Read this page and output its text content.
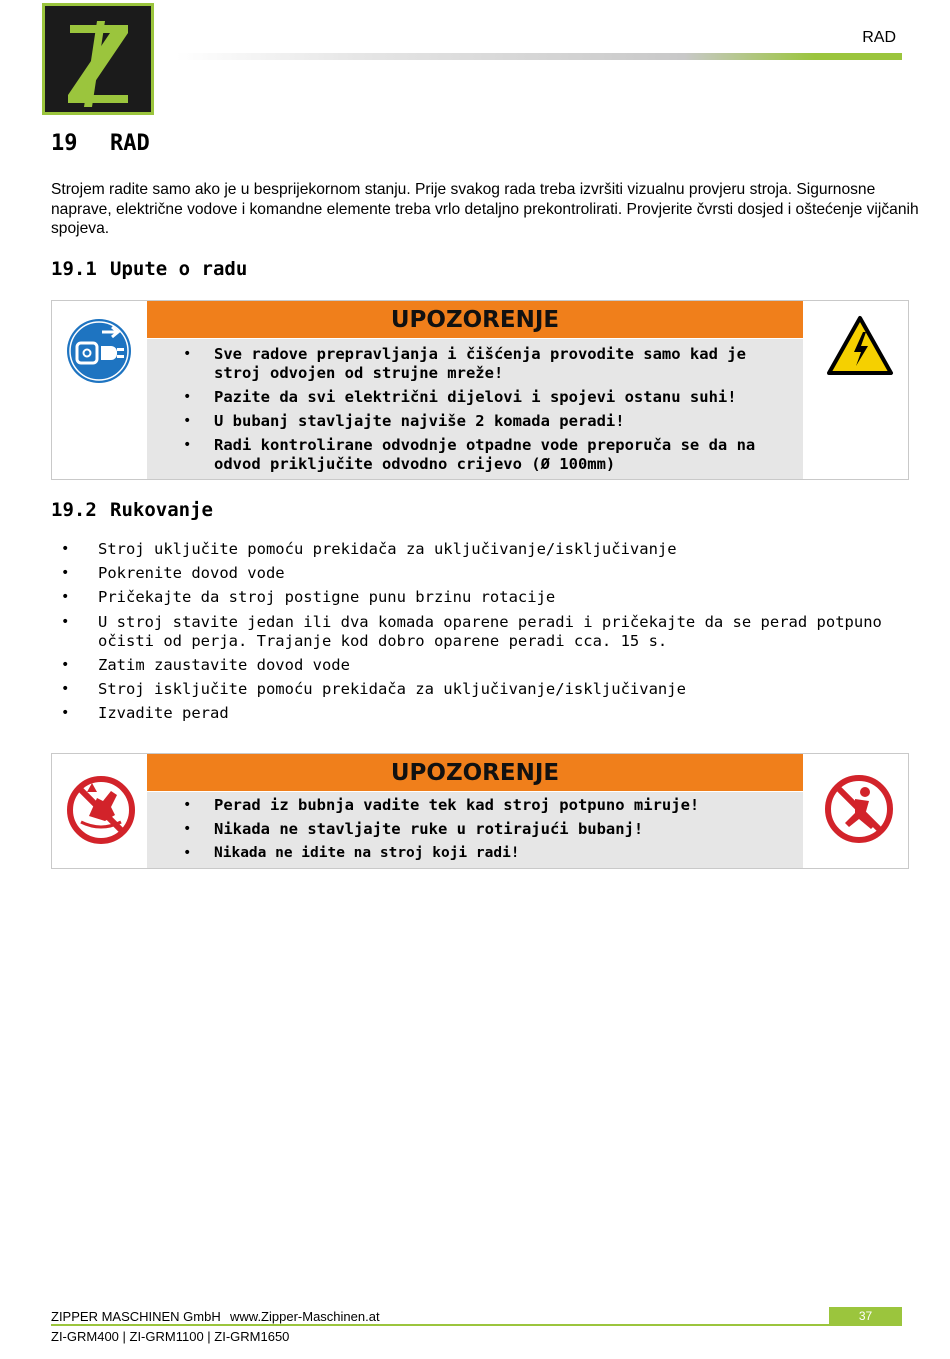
RAD
19 RAD
Strojem radite samo ako je u besprijekornom stanju. Prije svakog rada treba izvršiti vizualnu provjeru stroja. Sigurnosne naprave, električne vodove i komandne elemente treba vrlo detaljno prekontrolirati. Provjerite čvrsti dosjed i oštećenje vijčanih spojeva.
19.1 Upute o radu
UPOZORENJE
• Sve radove prepravljanja i čišćenja provodite samo kad je stroj odvojen od strujne mreže!
• Pazite da svi električni dijelovi i spojevi ostanu suhi!
• U bubanj stavljajte najviše 2 komada peradi!
• Radi kontrolirane odvodnje otpadne vode preporuča se da na odvod priključite odvodno crijevo (Ø 100mm)
19.2 Rukovanje
• Stroj uključite pomoću prekidača za uključivanje/isključivanje
• Pokrenite dovod vode
• Pričekajte da stroj postigne punu brzinu rotacije
• U stroj stavite jedan ili dva komada oparene peradi i pričekajte da se perad potpuno očisti od perja. Trajanje kod dobro oparene peradi cca. 15 s.
• Zatim zaustavite dovod vode
• Stroj isključite pomoću prekidača za uključivanje/isključivanje
• Izvadite perad
UPOZORENJE
• Perad iz bubnja vadite tek kad stroj potpuno miruje!
• Nikada ne stavljajte ruke u rotirajući bubanj!
• Nikada ne idite na stroj koji radi!
ZIPPER MASCHINEN GmbH www.Zipper-Maschinen.at	37
ZI-GRM400 | ZI-GRM1100 | ZI-GRM1650
